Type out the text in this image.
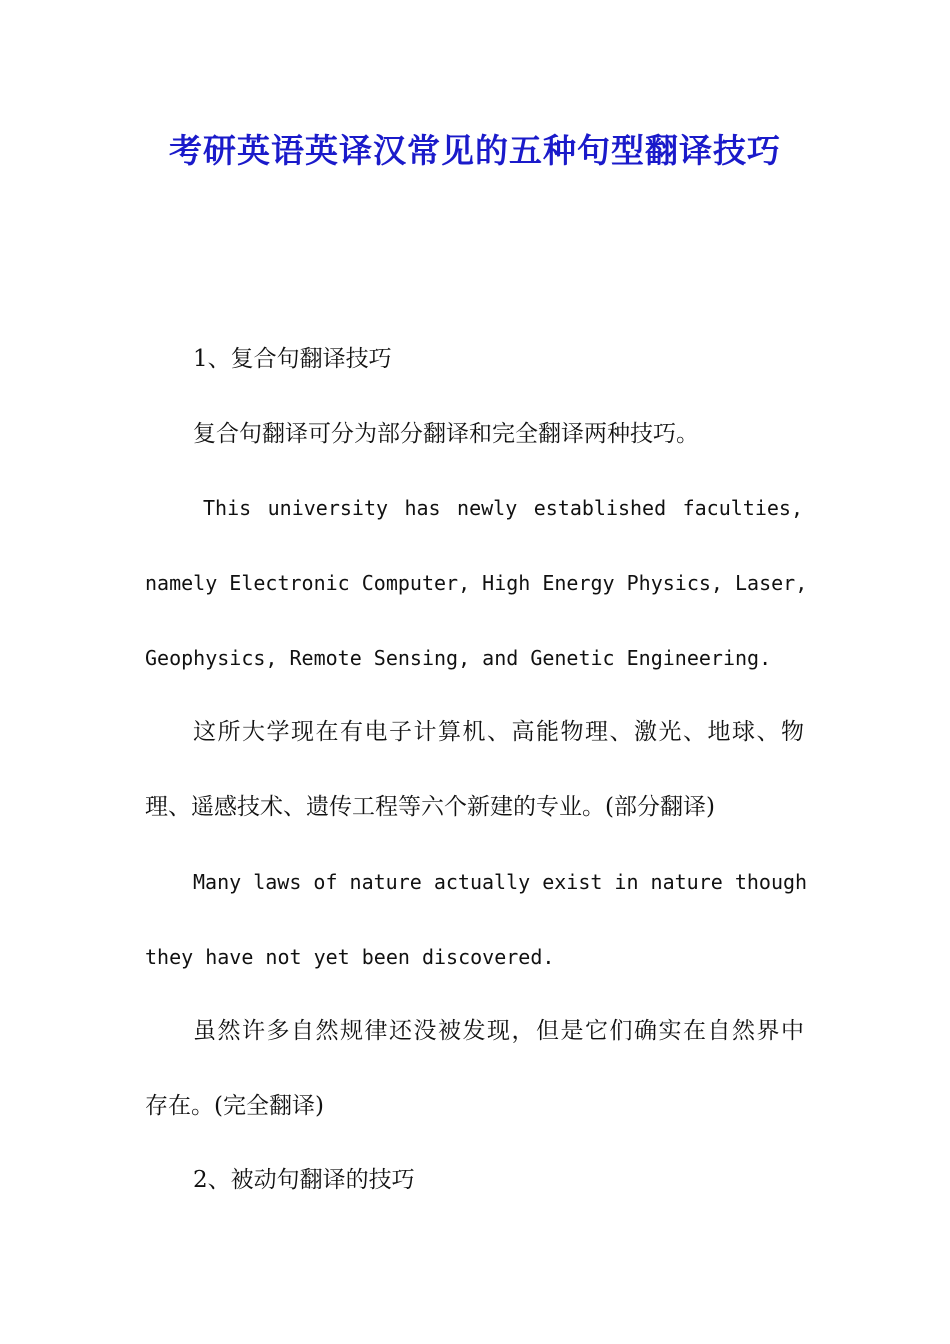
考研英语英译汉常见的五种句型翻译技巧

1、复合句翻译技巧

复合句翻译可分为部分翻译和完全翻译两种技巧。

This university has newly established faculties,

namely Electronic Computer, High Energy Physics, Laser,

Geophysics, Remote Sensing, and Genetic Engineering.

这所大学现在有电子计算机、高能物理、激光、地球、物

理、遥感技术、遗传工程等六个新建的专业。(部分翻译)

Many laws of nature actually exist in nature though

they have not yet been discovered.

虽然许多自然规律还没被发现，但是它们确实在自然界中

存在。(完全翻译)

2、被动句翻译的技巧
